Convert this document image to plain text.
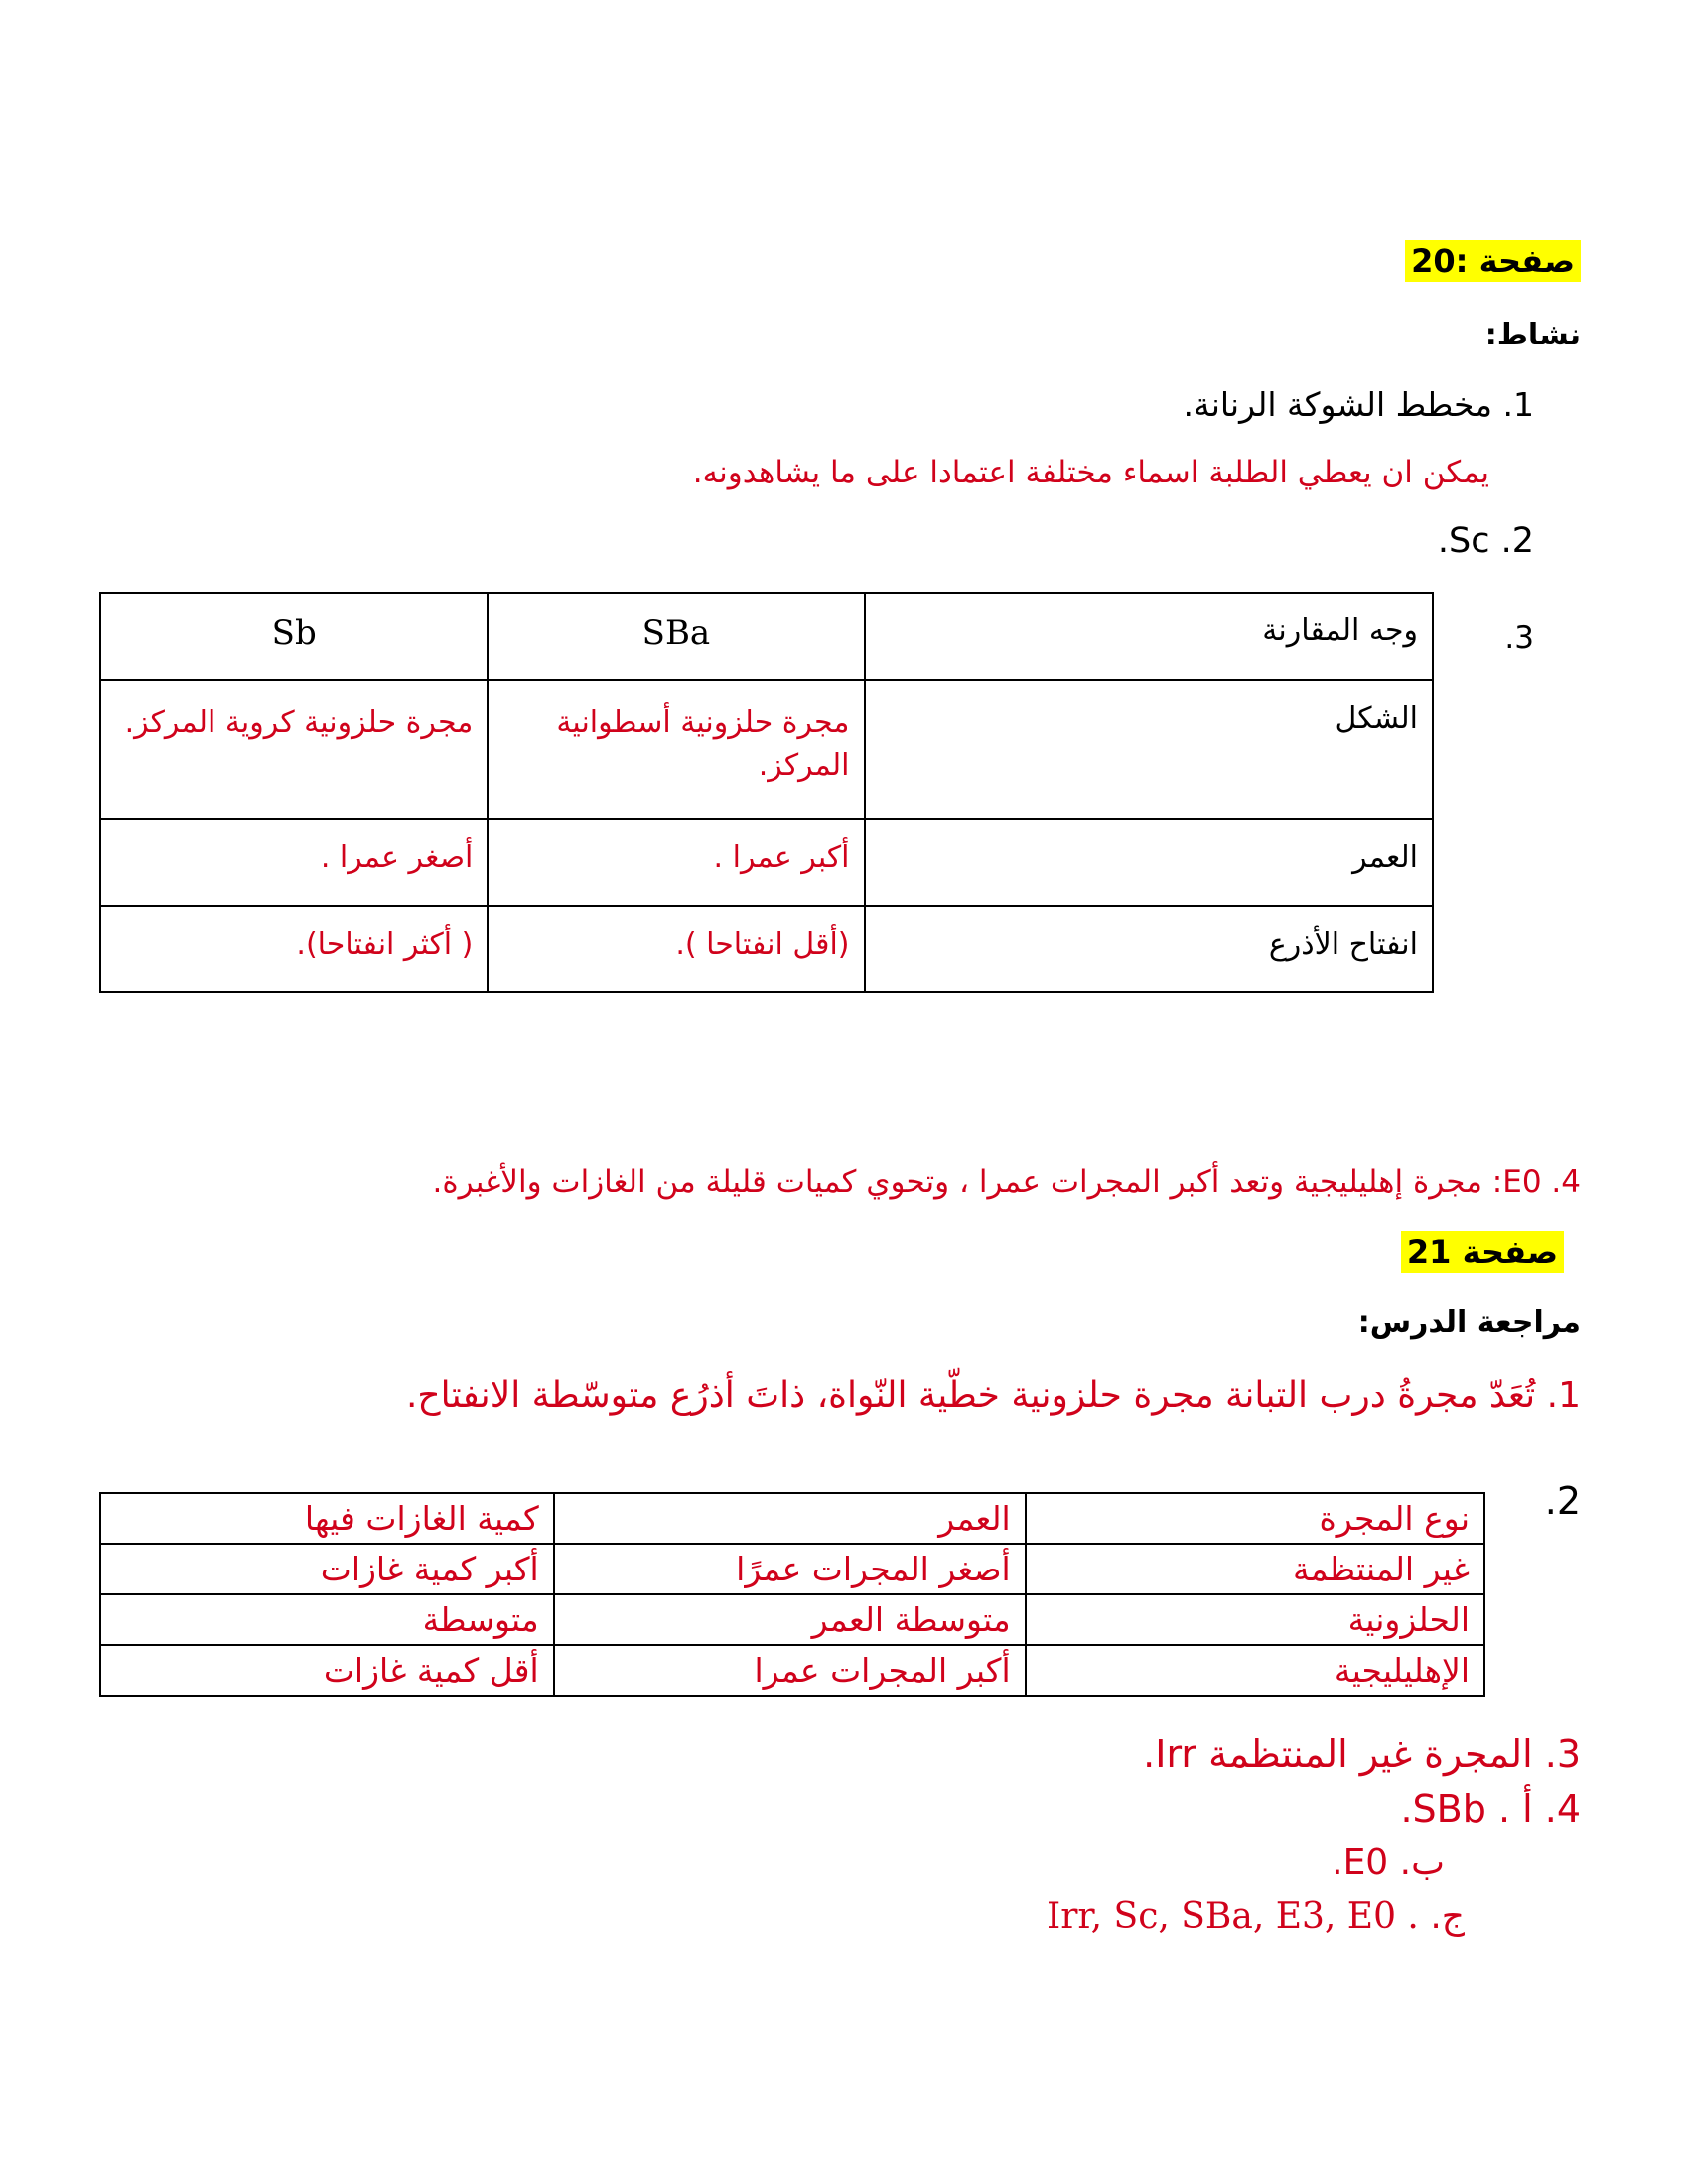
صفحة :20
نشاط:
1. مخطط الشوكة الرنانة.
يمكن ان يعطي الطلبة اسماء مختلفة اعتمادا على ما يشاهدونه.
2. Sc.
3.
Sb	SBa	وجه المقارنة

مجرة حلزونية كروية المركز.	مجرة حلزونية أسطوانية المركز.	الشكل
أصغر عمرا .	أكبر عمرا .	العمر
( أكثر انفتاحا).	(أقل انفتاحا ).	انفتاح الأذرع
4. E0: مجرة إهليليجية وتعد أكبر المجرات عمرا ، وتحوي كميات قليلة من الغازات والأغبرة.
صفحة 21
مراجعة الدرس:
1. تُعَدّ مجرةُ درب التبانة مجرة حلزونية خطّية النّواة، ذاتَ أذرُع متوسّطة الانفتاح.
2.
كمية الغازات فيها	العمر	نوع المجرة
أكبر كمية غازات	أصغر المجرات عمرًا	غير المنتظمة
متوسطة	متوسطة العمر	الحلزونية
أقل كمية غازات	أكبر المجرات عمرا	الإهليليجية
3. المجرة غير المنتظمة Irr.
4. أ . SBb.
ب. E0.
ج. Irr, Sc, SBa, E3, E0 .
